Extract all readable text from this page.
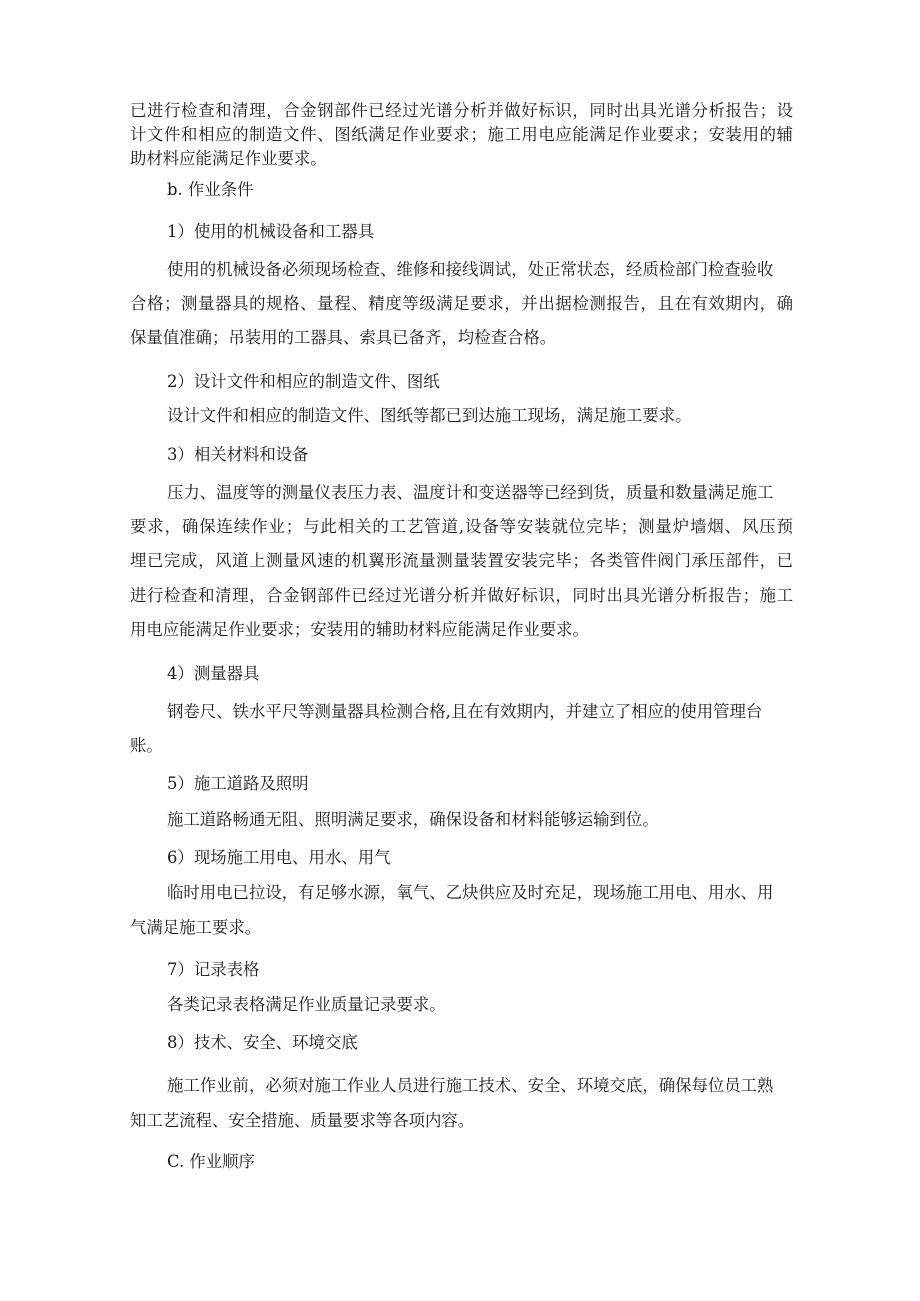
已进行检查和清理，合金钢部件已经过光谱分析并做好标识，同时出具光谱分析报告；设

计文件和相应的制造文件、图纸满足作业要求；施工用电应能满足作业要求；安装用的辅

助材料应能满足作业要求。

b. 作业条件

1）使用的机械设备和工器具

使用的机械设备必须现场检查、维修和接线调试，处正常状态，经质检部门检查验收

合格；测量器具的规格、量程、精度等级满足要求，并出据检测报告，且在有效期内，确

保量值准确；吊装用的工器具、索具已备齐，均检查合格。

2）设计文件和相应的制造文件、图纸

设计文件和相应的制造文件、图纸等都已到达施工现场，满足施工要求。

3）相关材料和设备

压力、温度等的测量仪表压力表、温度计和变送器等已经到货，质量和数量满足施工

要求，确保连续作业；与此相关的工艺管道,设备等安装就位完毕；测量炉墙烟、风压预

埋已完成，风道上测量风速的机翼形流量测量装置安装完毕；各类管件阀门承压部件，已

进行检查和清理，合金钢部件已经过光谱分析并做好标识，同时出具光谱分析报告；施工

用电应能满足作业要求；安装用的辅助材料应能满足作业要求。

4）测量器具

钢卷尺、铁水平尺等测量器具检测合格,且在有效期内，并建立了相应的使用管理台

账。

5）施工道路及照明

施工道路畅通无阻、照明满足要求，确保设备和材料能够运输到位。

6）现场施工用电、用水、用气

临时用电已拉设，有足够水源，氧气、乙炔供应及时充足，现场施工用电、用水、用

气满足施工要求。

7）记录表格

各类记录表格满足作业质量记录要求。

8）技术、安全、环境交底

施工作业前，必须对施工作业人员进行施工技术、安全、环境交底，确保每位员工熟

知工艺流程、安全措施、质量要求等各项内容。

C. 作业顺序
